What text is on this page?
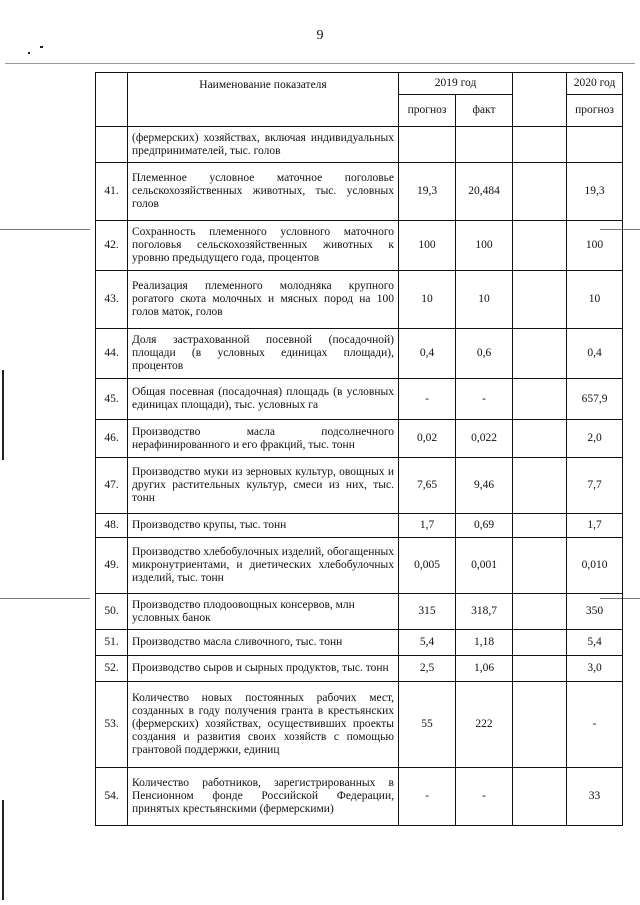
9
	Наименование показателя	2019 год			2020 год
		прогноз	факт		прогноз
	(фермерских) хозяйствах, включая индивидуальных предпринимателей, тыс. голов				
41.	Племенное условное маточное поголовье сельскохозяйственных животных, тыс. условных голов	19,3	20,484		19,3
42.	Сохранность племенного условного маточного поголовья сельскохозяйственных животных к уровню предыдущего года, процентов	100	100		100
43.	Реализация племенного молодняка крупного рогатого скота молочных и мясных пород на 100 голов маток, голов	10	10		10
44.	Доля застрахованной посевной (посадочной) площади (в условных единицах площади), процентов	0,4	0,6		0,4
45.	Общая посевная (посадочная) площадь (в условных единицах площади), тыс. условных га	-	-		657,9
46.	Производство масла подсолнечного нерафинированного и его фракций, тыс. тонн	0,02	0,022		2,0
47.	Производство муки из зерновых культур, овощных и других растительных культур, смеси из них, тыс. тонн	7,65	9,46		7,7
48.	Производство крупы, тыс. тонн	1,7	0,69		1,7
49.	Производство хлебобулочных изделий, обогащенных микронутриентами, и диетических хлебобулочных изделий, тыс. тонн	0,005	0,001		0,010
50.	Производство плодоовощных консервов, млн условных банок	315	318,7		350
51.	Производство масла сливочного, тыс. тонн	5,4	1,18		5,4
52.	Производство сыров и сырных продуктов, тыс. тонн	2,5	1,06		3,0
53.	Количество новых постоянных рабочих мест, созданных в году получения гранта в крестьянских (фермерских) хозяйствах, осуществивших проекты создания и развития своих хозяйств с помощью грантовой поддержки, единиц	55	222		-
54.	Количество работников, зарегистрированных в Пенсионном фонде Российской Федерации, принятых крестьянскими (фермерскими)	-	-		33
